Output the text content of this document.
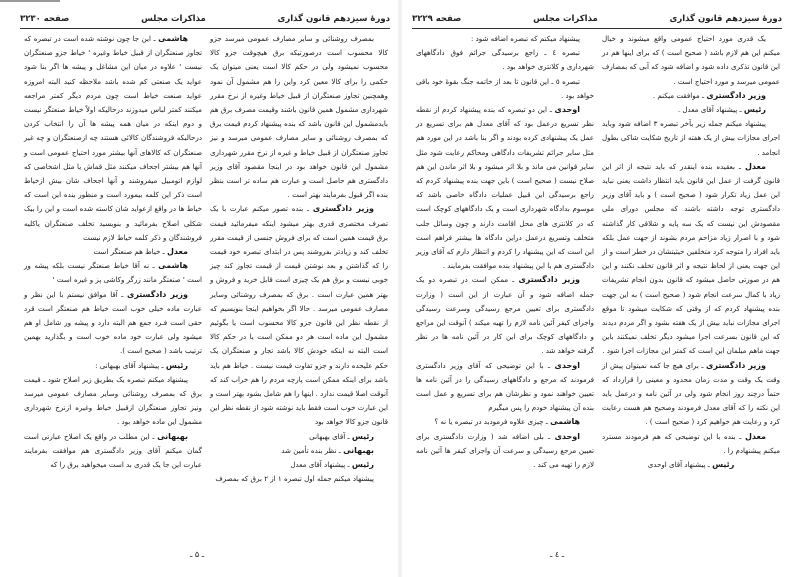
دورهٔ سیزدهم قانون گذاری
مذاکرات مجلس
صفحه ۳۲۳۰

بمصرف روشنائی و سایر مصارف عمومی میرسد جزو کالا محسوب است درصورتیکه برق هیچوقت جزو کالا محسوب نمیشود ولی در حکم کالا است یعنی میتوان یک حکمی را برای کالا معین کرد واین را هم مشمول آن نمود وهمچنین تجاوز صنعتگران از قبیل خیاط وغیره از نرخ مقرر شهرداری مشمول همین قانون باشند وقیمت مصرف برق هم بایدمشمول این قانون باشد که بنده پیشنهاد کردم قیمت برق که بمصرف روشنائی و سایر مصارف عمومی میرسد و نیز تجاوز صنعتگران از قبیل خیاط و غیره از نرخ مقرر شهرداری مشمول این قانون خواهد بود در اینجا مقصود آقای وزیر دادگستری هم حاصل است و عبارت هم ساده تر است بنظر بنده اگر قبول بفرمایند بهتر است .

وزیر دادگستری ـ بنده تصور میکنم عبارت با یک تصرف مختصری قدری بهتر میشود اینکه میفرمائید قیمت برق قیمت همین است که برای فروش جنسی از قیمت مقرر تخلف کند و زیادتر بفروشند پس در ابتدای تبصره خود قیمت را که گذاشتن و بعد نوشتن قیمت از قیمت تجاوز کند چیز خوبی نیست و برق هم یک چیزی است قابل خرید و فروش و بهتر همین عبارت است . برق که بمصرف روشنائی وسایر مصارف عمومی میرسد . حالا اگر بخواهیم اینجا بنویسیم که از نقطه نظر این قانون جزو کالا محسوب است یا بگوئیم مشمول این ماده است هر دو ممکن است یا در حکم کالا است البته نه اینکه خودش کالا باشد تجار و صنعتگران یک حکم علیحده دارند و جزو تفاوت قیمت نیست . خیاط هم باید باشد برای اینکه ممکن است پارچه مردم را هم خراب کند که آنوقت اصلا قیمت ندارد . اینها را هم شامل بشود بهتر است و این عبارت خوب است فقط باید نوشته شود از نقطه نظر این قانون جزو کالا خواهد بود

رئیس ـ آقای بهبهانی

بهبهانی ـ نظر بنده تأمین شد

رئیس ـ پیشنهاد آقای معدل

پیشنهاد میکنم جمله اول تبصره ۱ از ۲ برق که بمصرف

هاشمی ـ این جا چون نوشته شده است در تبصره که تجاوز صنعتگران از قبیل خیاط وغیره ' خیاط جزو صنعتگران نیست ' علاوه در میان این مشاغل و پیشه ها اگر بنا شود عواید یک صنعتی کم شده باشد ملاحظه کنید البته امروزه عواید صنعت خیاط است چون مردم دیگر کمتر مراجعه میکنند کمتر لباس میدوزند درحالیکه اولاً خیاط صنعتگر نیست و دوم اینکه در میان همه پیشه ها آن را انتخاب کردن درحالیکه فروشندگان کالائی هستند چه ازصنعتگران و چه غیر صنعتگران که کالاهای آنها بیشتر مورد احتیاج عمومی است و آنها هم بیشتر اجحاف میکنند مثل قماش یا مثل اشخاصی که لوازم اتومبیل میفروشند و آنها اجحاف شان بیش ازخیاط است ذکر این کلمه بیمورد است و منظور بنده این است که خیاط ها در واقع ازعواید شان کاسته شده است و این را بیک شکلی اصلاح بفرمائید و بنویسید تخلف صنعتگران یاکلیه فروشندگان و ذکر کلمه خیاط لازم نیست

معدل ـ خیاط هم صنعتگر است

هاشمی ـ نه آقا خیاط صنعتگر نیست بلکه پیشه ور است ' صنعتگر مانند زرگر وکاشی پز و غیره است '

وزیر دادگستری ـ آقا موافق نیستم با این نظر و عبارت ماده خیلی خوب است خیاط هم صنعتگر است قرد حقی است فـرد جمع هم البته دارد و پیشه ور شامل او هم میشود ولی عبارت خود ماده خوب است و بگذارید بهمین ترتیب باشد ( صحیح است ).

رئیس ـ پیشنهاد آقای بهبهانی :

پیشنهاد میکنم تبصره یک بطریق زیر اصلاح شود ـ قیمت برق که بمصرف روشنائی وسایر مصارف عمومی میرسد ونیز تجاوز صنعتگران ازقبیل خیاط وغیره ازنرخ شهرداری مشمول این ماده خواهد بود .

بهبهانی ـ این مطلب در واقع یک اصلاح عبارتی است گمان میکنم آقای وزیر دادگستری هم موافقت بفرمایند عبارت این جا یک قدری بد است میخواهید برق را که

ـ ۵ ـ
دورهٔ سیزدهم قانون گذاری
مذاکرات مجلس
صفحه ۳۲۲۹

یک قدری مورد احتیاج عمومی واقع میشوند و خیال میکنم این هم لازم باشد ( صحیح است ) که برای اینها هم در این قانون تذکری داده شود و اضافه شود که آبی که بمصارف عمومی میرسد و مورد احتیاج است .

وزیر دادگستری ـ موافقت میکنم .

رئیس ـ پیشنهاد آقای معدل .

پیشنهاد میکنم جمله زیر بآخر تبصره ۳ اضافه شود وباید اجرای مجازات بیش از یک هفته از تاریخ شکایت شاکی بطول انجامد .

معدل ـ بعقیده بنده اینقدر که باید نتیجه از اثر این قانون گرفت از عمل این قانون باید انتظار داشت یعنی نباید این عمل زیاد تکرار شود ( صحیح است ) و باید آقای وزیر دادگستری توجه داشته باشند که مجلس دورای ملی مقصودش این نیست که یک سه پایه و شلاقی کار گذاشته شود و با اصرار زیاد مزاحم مردم بشوند از جهت عمل بلکه باید افراد را متوجه کرد متخلفین حیثیتشان در خطر است و از این جهت یعنی از لحاظ نتیجه و اثر قانون تخلف نکنند و این هم در صورتی حاصل میشود که قانون بدون انجام تشریفات زیاد با کمال سرعت انجام شود ( صحیح است ) به این جهت بنده پیشنهاد کردم که از وقتی که شکایت میشود تا موقع اجرای مجازات نباید بیش از یک هفته بشود و اگر مردم دیدند که این قانون بسرعت اجرا میشود دیگر تخلف نمیکنند باین جهت ماهم میلمان این است که کمتر این مجازات اجرا شود .

وزیر دادگستری ـ برای هیچ جا کمه نمیتوان پیش از وقت یک وقت و مدت زمان محدود و معینی را قرارداد که حتماً درچند روز انجام شود ولی در آئین نامه و درعمل باید این نکته را که آقای معدل فرمودند وصحیح هم هست رعایت کرد و رعایت هم خواهیم کرد ( صحیح است ) .

معدل ـ بنده با این توضیحی که هم فرمودند مسترد میکنم پیشنهادم را .

رئیس ـ پیشنهاد آقای اوحدی

پیشنهاد میکنم که تبصره اضافه شود :

تبصره ٤ ـ راجع برسیدگی جرائم فوق دادگاههای شهرداری و کلانتری خواهد بود .

تبصره ٥ ـ این قانون تا بعد از خاتمه جنگ بقوهٔ خود باقی خواهد بود .

اوحدی ـ این دو تبصره که بنده پیشنهاد کردم از نقطه نظر تسریع درعمل بود که آقای معدل هم برای تسریع در عمل یک پیشنهادی کرده بودند و اگر بنا باشد در این مورد هم مثل سایر جرائم تشریفات دادگاهی ومحاکم رعایت شود مثل سایر قوانین می ماند و بلا اثر میشود و بلا اثر ماندن این هم صلاح نیست ( صحیح است ) باین جهت بنده پیشنهاد کردم که راجع برسیدگی این قبیل عملیات دادگاه خاصی باشد که موسوم بدادگاه شهرداری است و یک دادگاههای کوچک است که در کلانتری های محل اقامت دارند و چون وسائل جلب متخلف وتسریع درعمل دراین دادگاه ها بیشتر فراهم است این است که این پیشنهاد را کردم و انتظار دارم که آقای وزیر دادگستری هم با این پیشنهاد بنده موافقت بفرمایند .

وزیر دادگستری ـ ممکن است در تبصره دو یک جمله اضافه شود و آن عبارت از این است ( وزارت دادگستری برای تعیین مرجع رسیدگی وسرعت رسیدگی واجرای کیفر آئین نامه لازم را تهیه میکند ) آنوقت این مراجع و دادگاههای کوچک برای این کار در آئین نامه ها در نظر گرفته خواهد شد .

اوحدی ـ با این توضیحی که آقای وزیر دادگستری فرمودند که مرجع و دادگاههای رسیدگی را در آئین نامه ها تعیین خواهند نمود و نظرشان هم برای تسریع و عمل است بنده آن پیشنهاد خودم را پس میگیرم

هاشمی ـ چیزی علاوه فرمودید در تبصره یا نه ؟

اوحدی ـ بلی اضافه شد ( وزارت دادگستری برای تعیین مرجع رسیدگی و سرعت آن واجرای کیفر ها آئین نامه لازم را تهیه می کند .

ـ ٤ ـ
